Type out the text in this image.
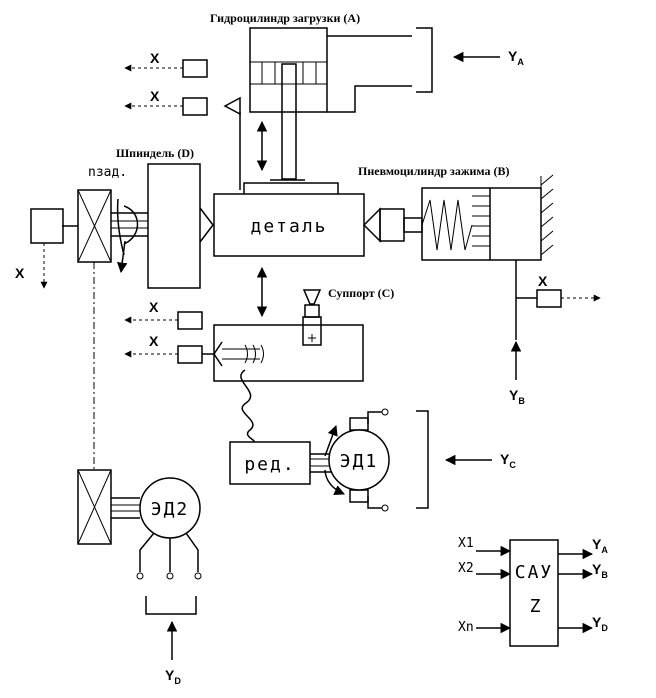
Гидроцилиндр загрузки (А)
$Y_A$
X
X
Шпиндель (D)
nзад.
X
деталь
Пневмоцилиндр зажима (В)
X
$Y_B$
Суппорт (С)
X
X
ред. ЭД1	$Y_C$
ЭД2
$Y_D$
САУ
Z
X1
X2
Xn
$Y_A$
$Y_B$
$Y_D$
